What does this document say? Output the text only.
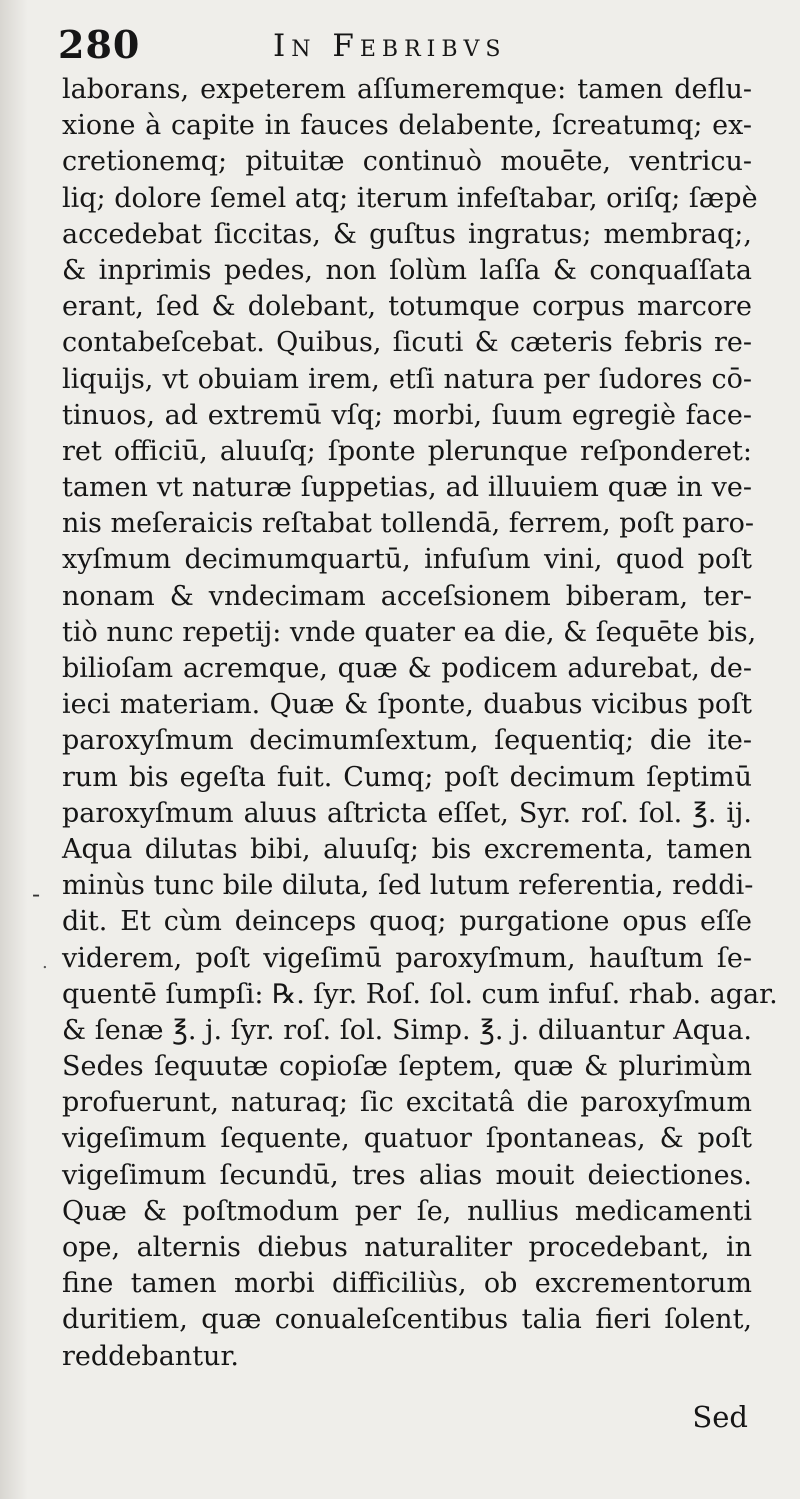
280	In Febribvs
-
.
laborans, expeterem aſſumeremque: tamen deflu-
xione à capite in fauces delabente, ſcreatumq; ex-
cretionemq; pituitæ continuò mouēte, ventricu-
liq; dolore ſemel atq; iterum infeſtabar, oriſq; ſæpè
accedebat ſiccitas, & guſtus ingratus; membraq;,
& inprimis pedes, non ſolùm laſſa & conquaſſata
erant, ſed & dolebant, totumque corpus marcore
contabeſcebat. Quibus, ſicuti & cæteris febris re-
liquijs, vt obuiam irem, etſi natura per ſudores cō-
tinuos, ad extremū vſq; morbi, ſuum egregiè face-
ret officiū, aluuſq; ſponte plerunque reſponderet:
tamen vt naturæ ſuppetias, ad illuuiem quæ in ve-
nis meſeraicis reſtabat tollendā, ferrem, poſt paro-
xyſmum decimumquartū, infuſum vini, quod poſt
nonam & vndecimam acceſsionem biberam, ter-
tiò nunc repetij: vnde quater ea die, & ſequēte bis,
bilioſam acremque, quæ & podicem adurebat, de-
ieci materiam. Quæ & ſponte, duabus vicibus poſt
paroxyſmum decimumſextum, ſequentiq; die ite-
rum bis egeſta fuit. Cumq; poſt decimum ſeptimū
paroxyſmum aluus aſtricta eſſet, Syr. roſ. ſol. ℥. ij.
Aqua dilutas bibi, aluuſq; bis excrementa, tamen
minùs tunc bile diluta, ſed lutum referentia, reddi-
dit. Et cùm deinceps quoq; purgatione opus eſſe
viderem, poſt vigeſimū paroxyſmum, hauſtum ſe-
quentē ſumpſi: ℞. ſyr. Roſ. ſol. cum infuſ. rhab. agar.
& ſenæ ℥. j. ſyr. roſ. ſol. Simp. ℥. j. diluantur Aqua.
Sedes ſequutæ copioſæ ſeptem, quæ & plurimùm
profuerunt, naturaq; ſic excitatâ die paroxyſmum
vigeſimum ſequente, quatuor ſpontaneas, & poſt
vigeſimum ſecundū, tres alias mouit deiectiones.
Quæ & poſtmodum per ſe, nullius medicamenti
ope, alternis diebus naturaliter procedebant, in
fine tamen morbi difficiliùs, ob excrementorum
duritiem, quæ conualeſcentibus talia fieri ſolent,
reddebantur.
Sed
